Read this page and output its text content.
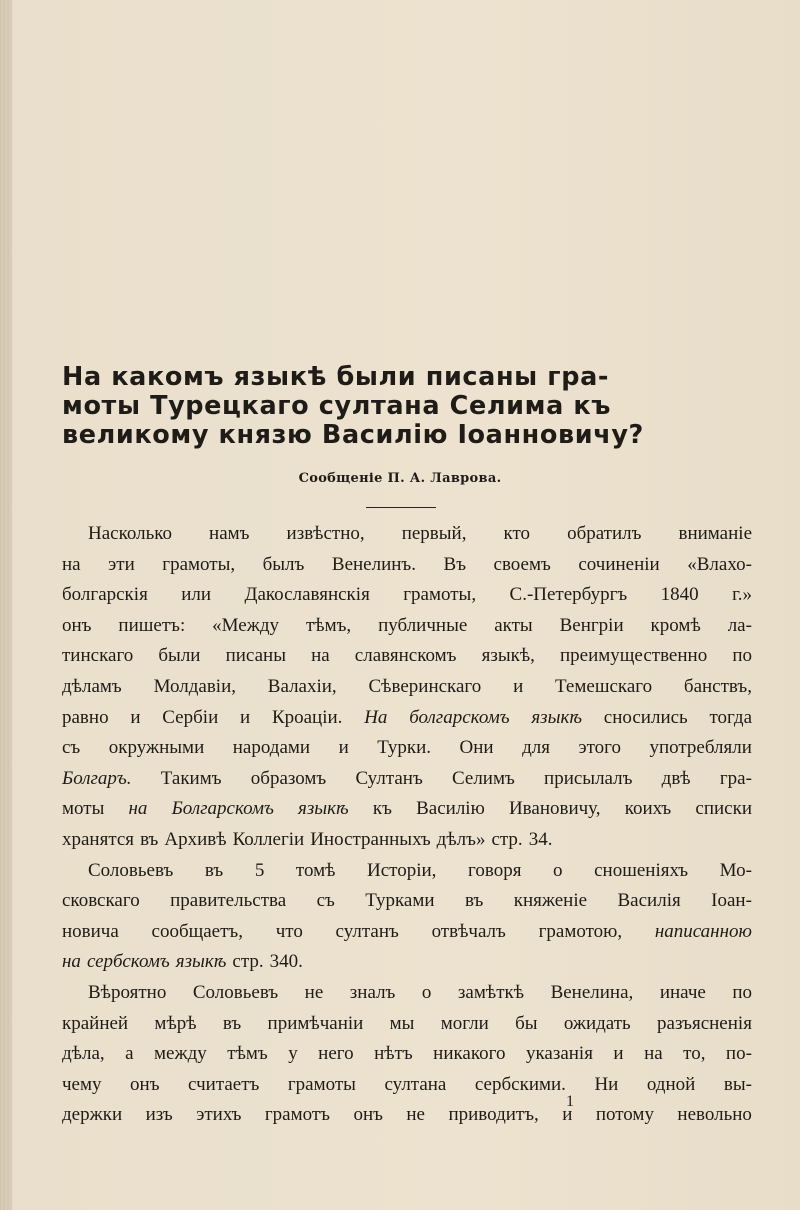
На какомъ языкѣ были писаны гра-
моты Турецкаго султана Селима къ
великому князю Василію Іоанновичу?
Сообщеніе П. А. Лаврова.
Насколько намъ извѣстно, первый, кто обратилъ вниманіе
на эти грамоты, былъ Венелинъ. Въ своемъ сочиненіи «Влахо-
болгарскія или Дакославянскія грамоты, С.-Петербургъ 1840 г.»
онъ пишетъ: «Между тѣмъ, публичные акты Венгріи кромѣ ла-
тинскаго были писаны на славянскомъ языкѣ, преимущественно по
дѣламъ Молдавіи, Валахіи, Сѣверинскаго и Темешскаго банствъ,
равно и Сербіи и Кроаціи. На болгарскомъ языкѣ сносились тогда
съ окружными народами и Турки. Они для этого употребляли
Болгаръ. Такимъ образомъ Султанъ Селимъ присылалъ двѣ гра-
моты на Болгарскомъ языкѣ къ Василію Ивановичу, коихъ списки
хранятся въ Архивѣ Коллегіи Иностранныхъ дѣлъ» стр. 34.
Соловьевъ въ 5 томѣ Исторіи, говоря о сношеніяхъ Мо-
сковскаго правительства съ Турками въ княженіе Василія Іоан-
новича сообщаетъ, что султанъ отвѣчалъ грамотою, написанною
на сербскомъ языкѣ стр. 340.
Вѣроятно Соловьевъ не зналъ о замѣткѣ Венелина, иначе по
крайней мѣрѣ въ примѣчаніи мы могли бы ожидать разъясненія
дѣла, а между тѣмъ у него нѣтъ никакого указанія и на то, по-
чему онъ считаетъ грамоты султана сербскими. Ни одной вы-
держки изъ этихъ грамотъ онъ не приводитъ, и потому невольно
1
